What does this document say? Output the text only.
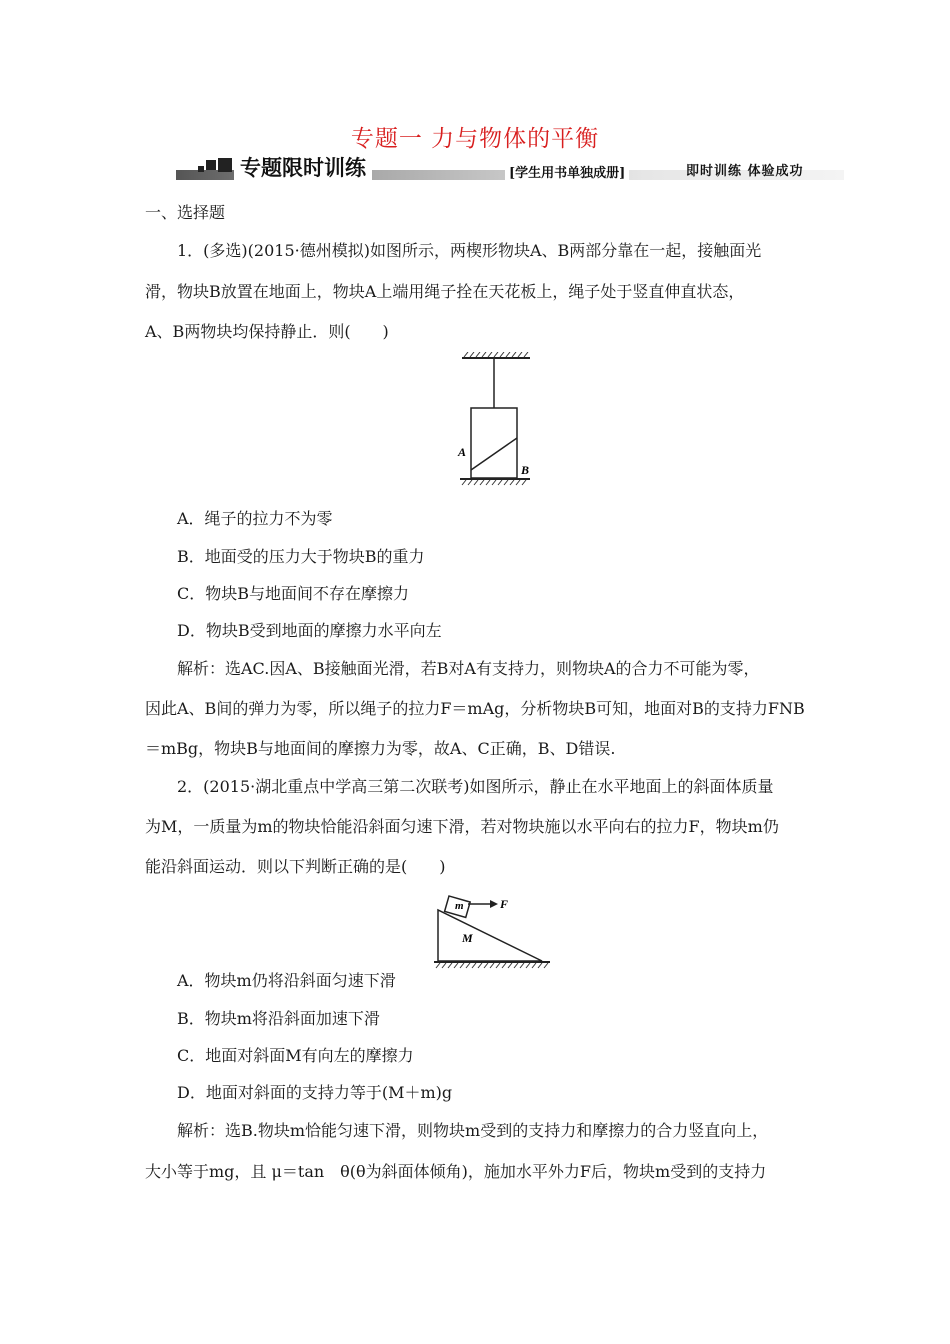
专题一 力与物体的平衡
专题限时训练	[学生用书单独成册]	即时训练 体验成功
一、选择题
1．(多选)(2015·德州模拟)如图所示，两楔形物块A、B两部分靠在一起，接触面光
滑，物块B放置在地面上，物块A上端用绳子拴在天花板上，绳子处于竖直伸直状态，
A、B两物块均保持静止．则(　　)
A
B
A．绳子的拉力不为零
B．地面受的压力大于物块B的重力
C．物块B与地面间不存在摩擦力
D．物块B受到地面的摩擦力水平向左
解析：选AC.因A、B接触面光滑，若B对A有支持力，则物块A的合力不可能为零，
因此A、B间的弹力为零，所以绳子的拉力F＝mAg，分析物块B可知，地面对B的支持力FNB
＝mBg，物块B与地面间的摩擦力为零，故A、C正确，B、D错误.
2．(2015·湖北重点中学高三第二次联考)如图所示，静止在水平地面上的斜面体质量
为M，一质量为m的物块恰能沿斜面匀速下滑，若对物块施以水平向右的拉力F，物块m仍
能沿斜面运动．则以下判断正确的是(　　)
m	F
M
A．物块m仍将沿斜面匀速下滑
B．物块m将沿斜面加速下滑
C．地面对斜面M有向左的摩擦力
D．地面对斜面的支持力等于(M＋m)g
解析：选B.物块m恰能匀速下滑，则物块m受到的支持力和摩擦力的合力竖直向上，
大小等于mg，且 μ＝tan　θ(θ为斜面体倾角)，施加水平外力F后，物块m受到的支持力
